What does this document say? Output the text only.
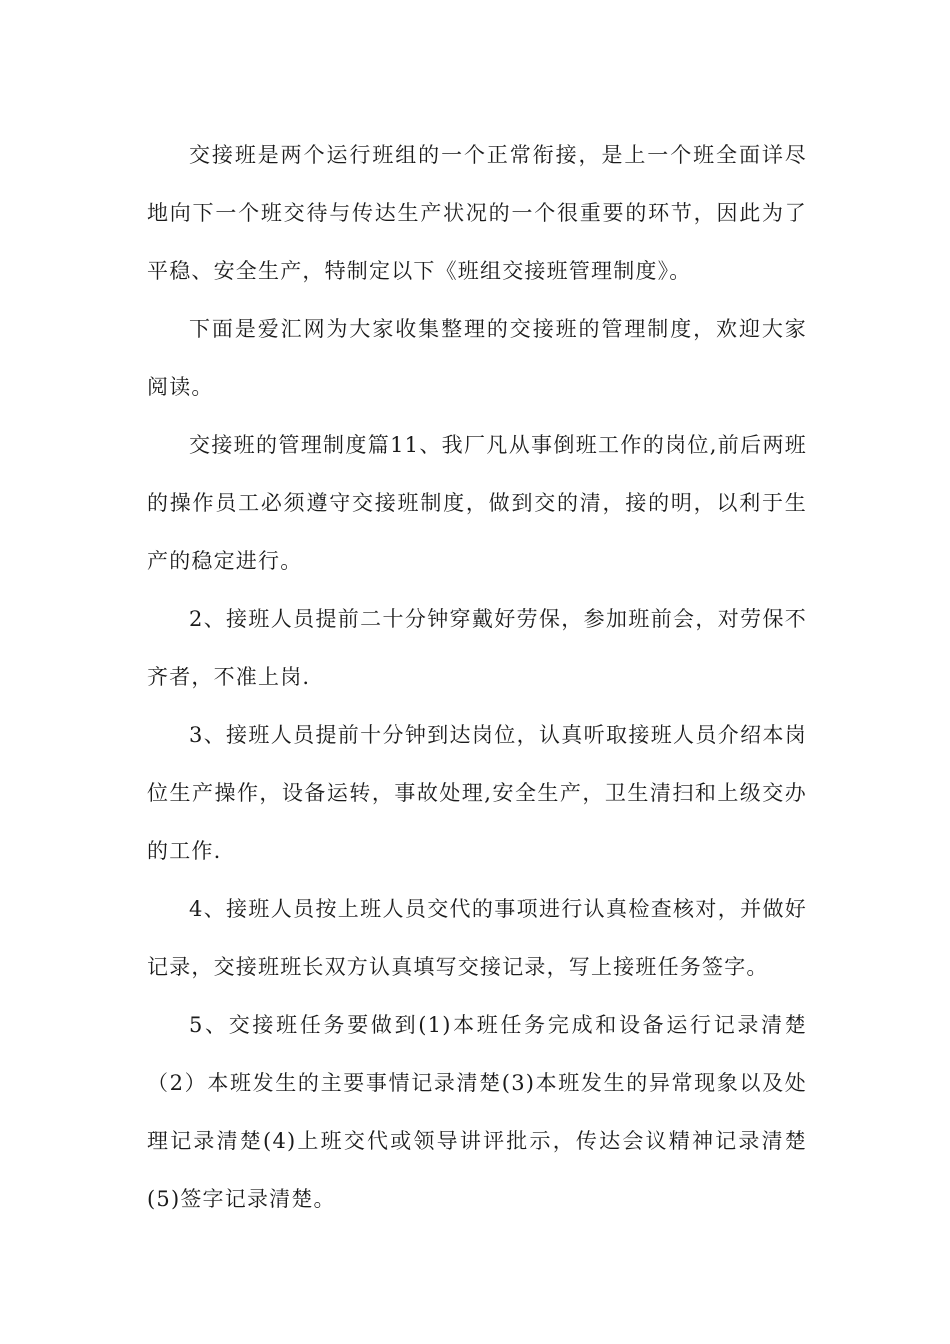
交接班是两个运行班组的一个正常衔接，是上一个班全面详尽地向下一个班交待与传达生产状况的一个很重要的环节，因此为了平稳、安全生产，特制定以下《班组交接班管理制度》。

下面是爱汇网为大家收集整理的交接班的管理制度，欢迎大家阅读。

交接班的管理制度篇11、我厂凡从事倒班工作的岗位,前后两班的操作员工必须遵守交接班制度，做到交的清，接的明，以利于生产的稳定进行。

2、接班人员提前二十分钟穿戴好劳保，参加班前会，对劳保不齐者，不准上岗.

3、接班人员提前十分钟到达岗位，认真听取接班人员介绍本岗位生产操作，设备运转，事故处理,安全生产，卫生清扫和上级交办的工作.

4、接班人员按上班人员交代的事项进行认真检查核对，并做好记录，交接班班长双方认真填写交接记录，写上接班任务签字。

5、交接班任务要做到(1)本班任务完成和设备运行记录清楚（2）本班发生的主要事情记录清楚(3)本班发生的异常现象以及处理记录清楚(4)上班交代或领导讲评批示，传达会议精神记录清楚(5)签字记录清楚。
